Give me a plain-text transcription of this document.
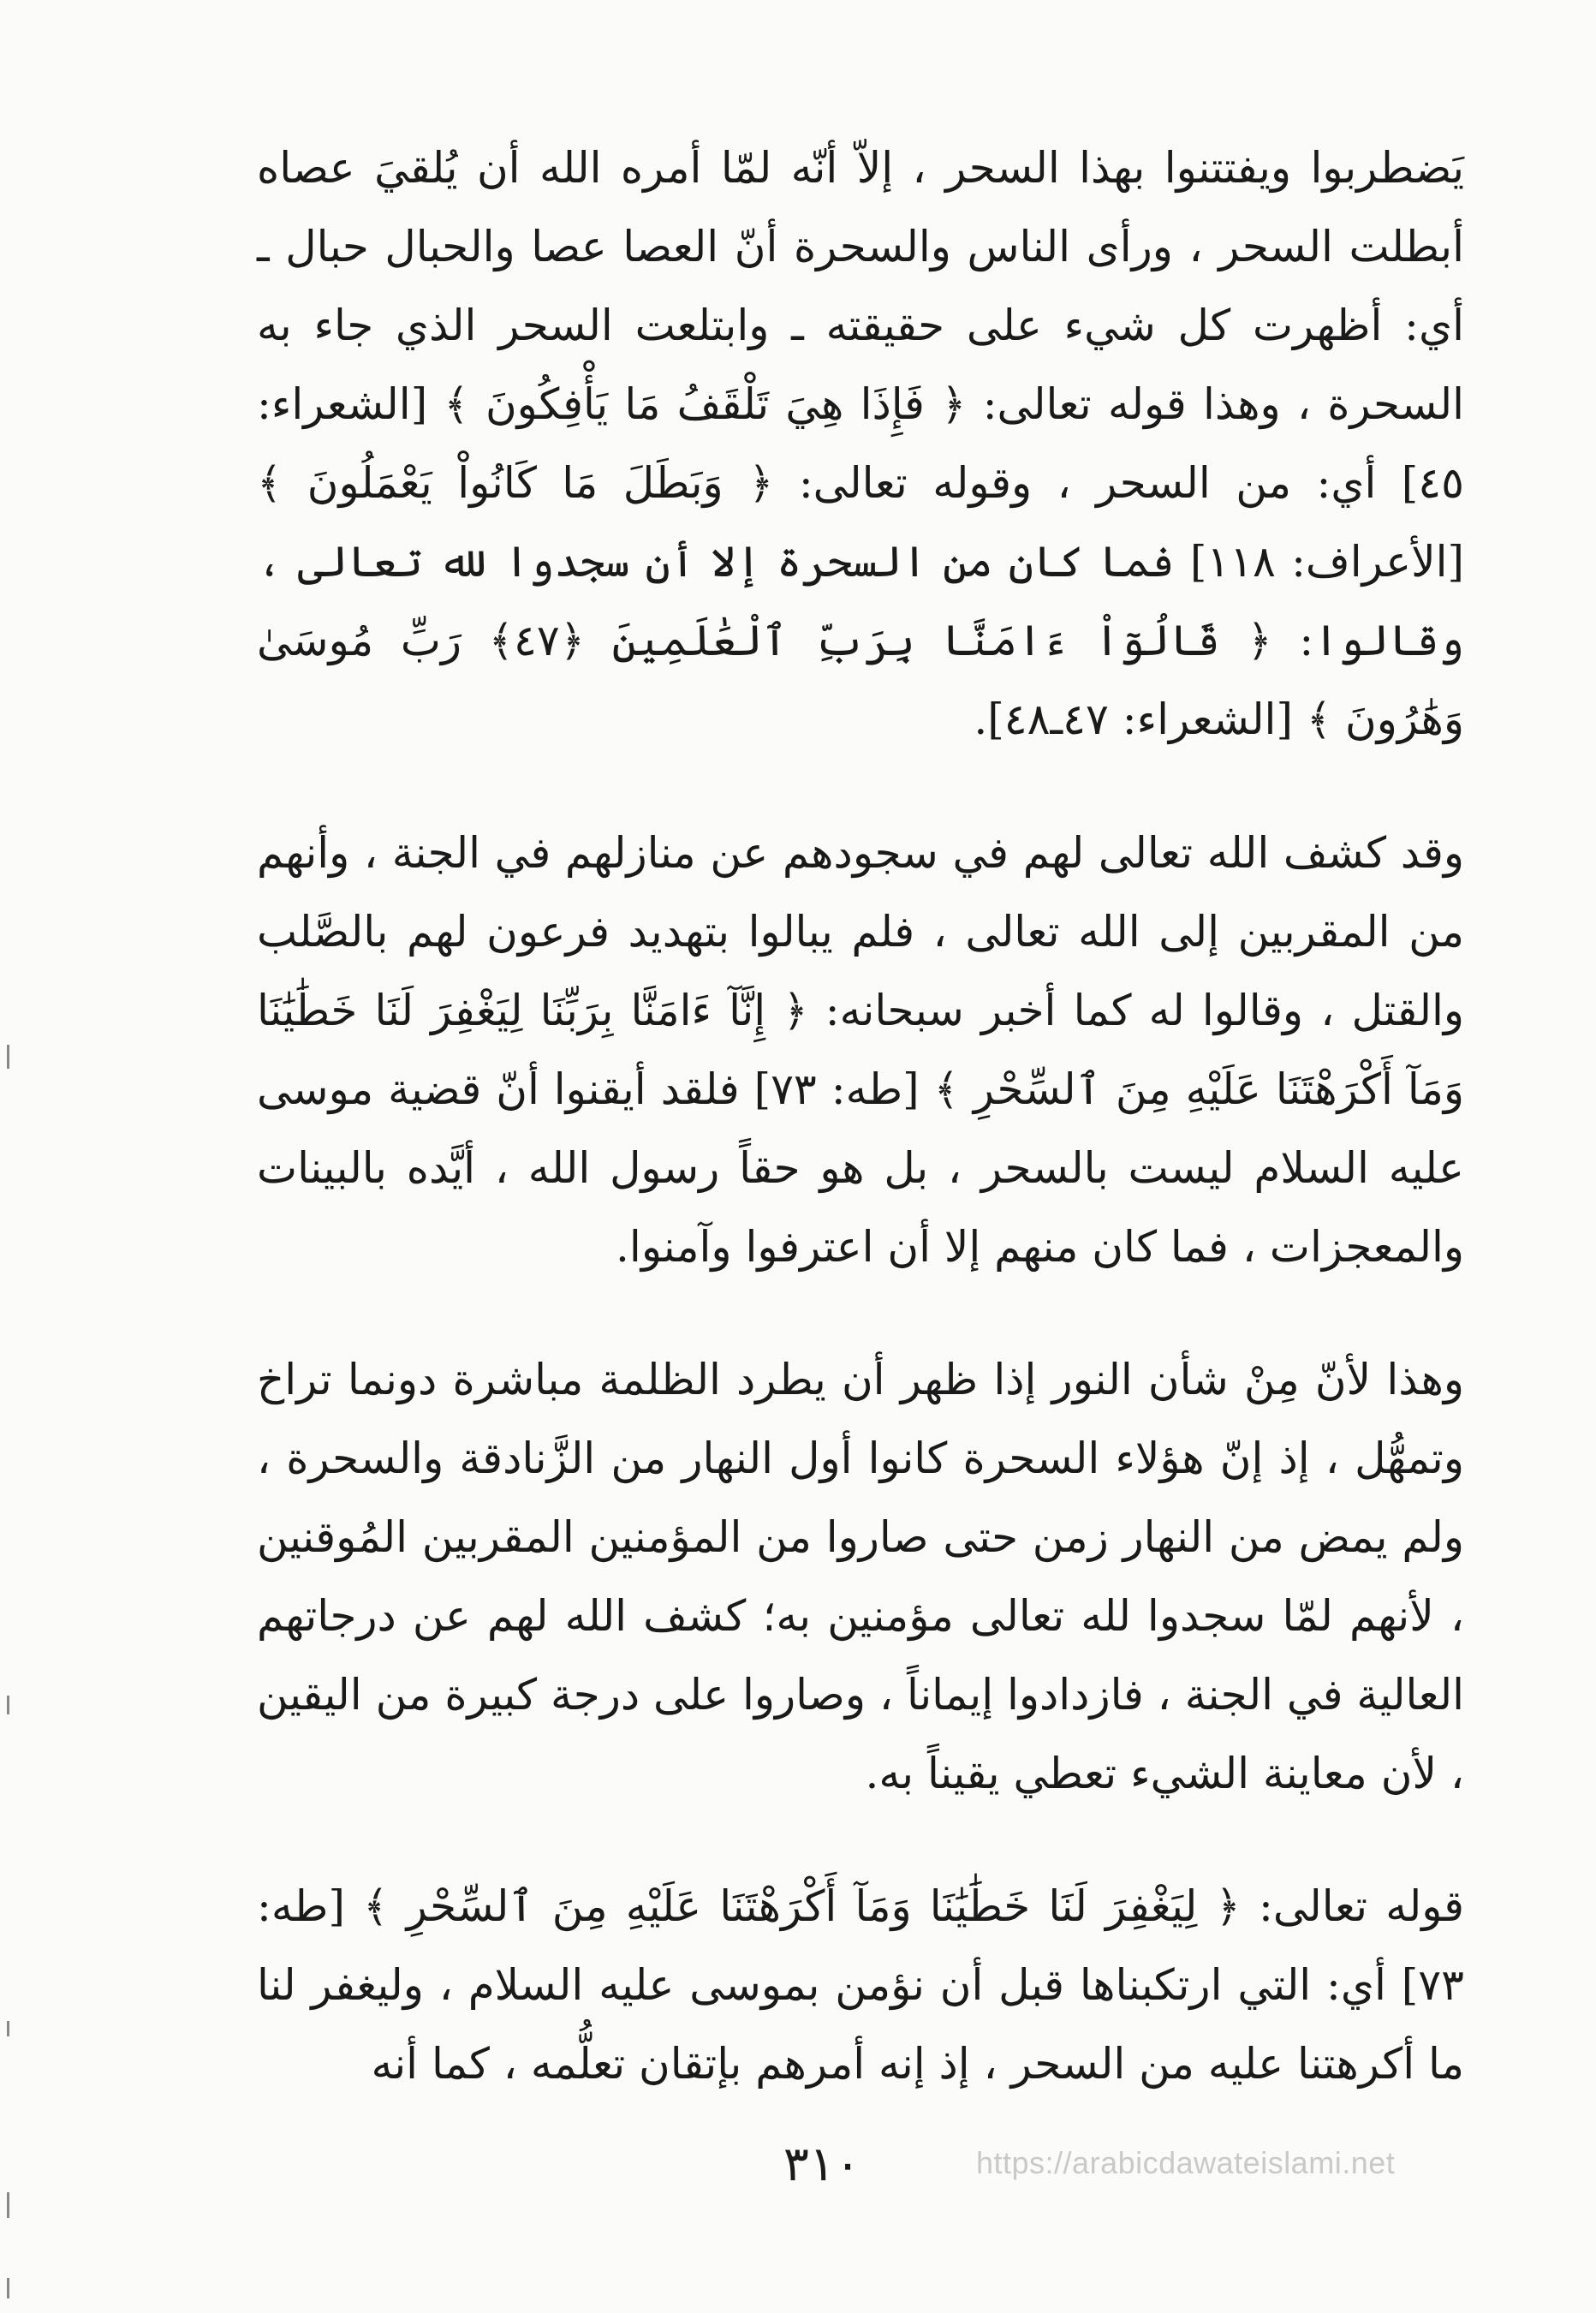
يَضطربوا ويفتتنوا بهذا السحر ، إلاّ أنّه لمّا أمره الله أن يُلقيَ عصاه أبطلت السحر ، ورأى الناس والسحرة أنّ العصا عصا والحبال حبال ـ أي: أظهرت كل شيء على حقيقته ـ وابتلعت السحر الذي جاء به السحرة ، وهذا قوله تعالى: ﴿ فَإِذَا هِيَ تَلْقَفُ مَا يَأْفِكُونَ ﴾ [الشعراء: ٤٥] أي: من السحر ، وقوله تعالى: ﴿ وَبَطَلَ مَا كَانُواْ يَعْمَلُونَ ﴾ [الأعراف: ١١٨] فما كان من السحرة إلا أن سجدوا لله تعالى ، وقالوا: ﴿ قَالُوٓاْ ءَامَنَّا بِرَبِّ ٱلْعَٰلَمِينَ ﴿٤٧﴾ رَبِّ مُوسَىٰ وَهَٰرُونَ ﴾ [الشعراء: ٤٧ـ٤٨].

وقد كشف الله تعالى لهم في سجودهم عن منازلهم في الجنة ، وأنهم من المقربين إلى الله تعالى ، فلم يبالوا بتهديد فرعون لهم بالصَّلب والقتل ، وقالوا له كما أخبر سبحانه: ﴿ إِنَّآ ءَامَنَّا بِرَبِّنَا لِيَغْفِرَ لَنَا خَطَٰيَٰنَا وَمَآ أَكْرَهْتَنَا عَلَيْهِ مِنَ ٱلسِّحْرِ ﴾ [طه: ٧٣] فلقد أيقنوا أنّ قضية موسى عليه السلام ليست بالسحر ، بل هو حقاً رسول الله ، أيَّده بالبينات والمعجزات ، فما كان منهم إلا أن اعترفوا وآمنوا.

وهذا لأنّ مِنْ شأن النور إذا ظهر أن يطرد الظلمة مباشرة دونما تراخ وتمهُّل ، إذ إنّ هؤلاء السحرة كانوا أول النهار من الزَّنادقة والسحرة ، ولم يمض من النهار زمن حتى صاروا من المؤمنين المقربين المُوقنين ، لأنهم لمّا سجدوا لله تعالى مؤمنين به؛ كشف الله لهم عن درجاتهم العالية في الجنة ، فازدادوا إيماناً ، وصاروا على درجة كبيرة من اليقين ، لأن معاينة الشيء تعطي يقيناً به.

قوله تعالى: ﴿ لِيَغْفِرَ لَنَا خَطَٰيَٰنَا وَمَآ أَكْرَهْتَنَا عَلَيْهِ مِنَ ٱلسِّحْرِ ﴾ [طه: ٧٣] أي: التي ارتكبناها قبل أن نؤمن بموسى عليه السلام ، وليغفر لنا ما أكرهتنا عليه من السحر ، إذ إنه أمرهم بإتقان تعلُّمه ، كما أنه

٣١٠	https://arabicdawateislami.net
